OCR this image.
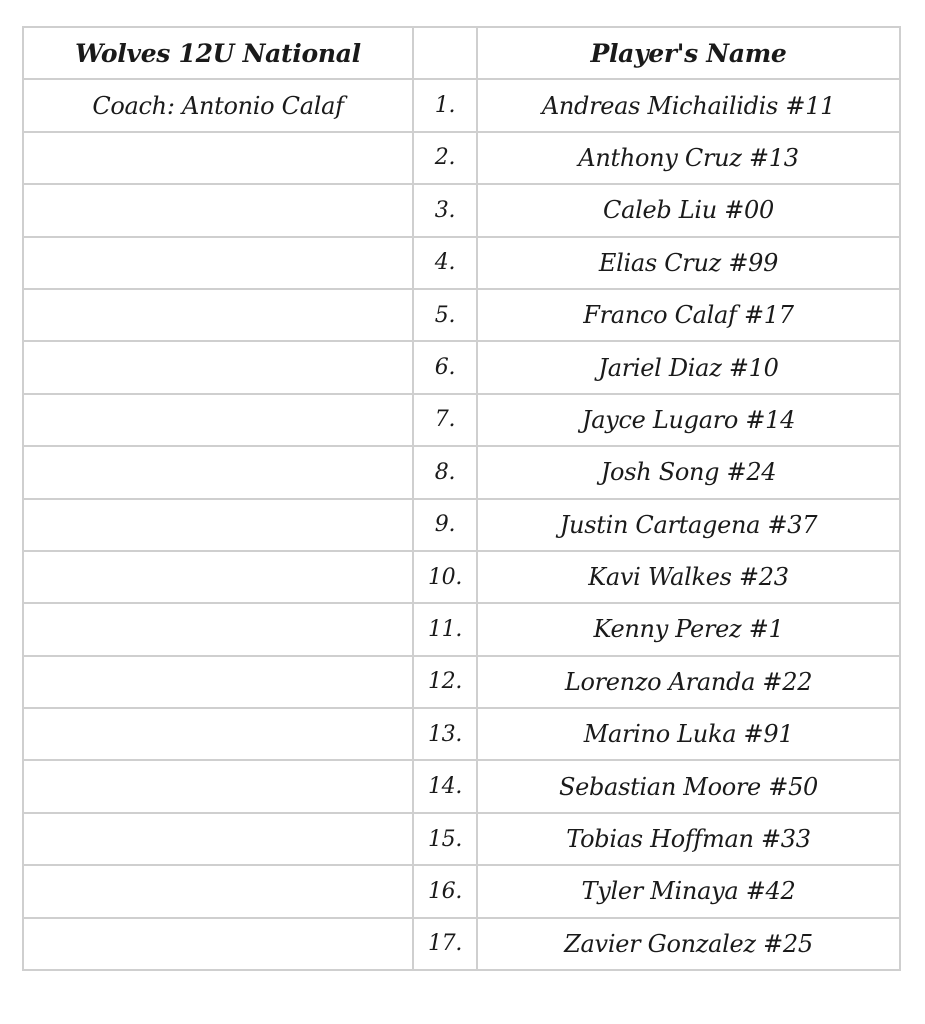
Wolves 12U National		Player's Name
Coach: Antonio Calaf	1.	Andreas Michailidis #11
	2.	Anthony Cruz #13
	3.	Caleb Liu #00
	4.	Elias Cruz #99
	5.	Franco Calaf #17
	6.	Jariel Diaz #10
	7.	Jayce Lugaro #14
	8.	Josh Song #24
	9.	Justin Cartagena #37
	10.	Kavi Walkes #23
	11.	Kenny Perez #1
	12.	Lorenzo Aranda #22
	13.	Marino Luka #91
	14.	Sebastian Moore #50
	15.	Tobias Hoffman #33
	16.	Tyler Minaya #42
	17.	Zavier Gonzalez #25
